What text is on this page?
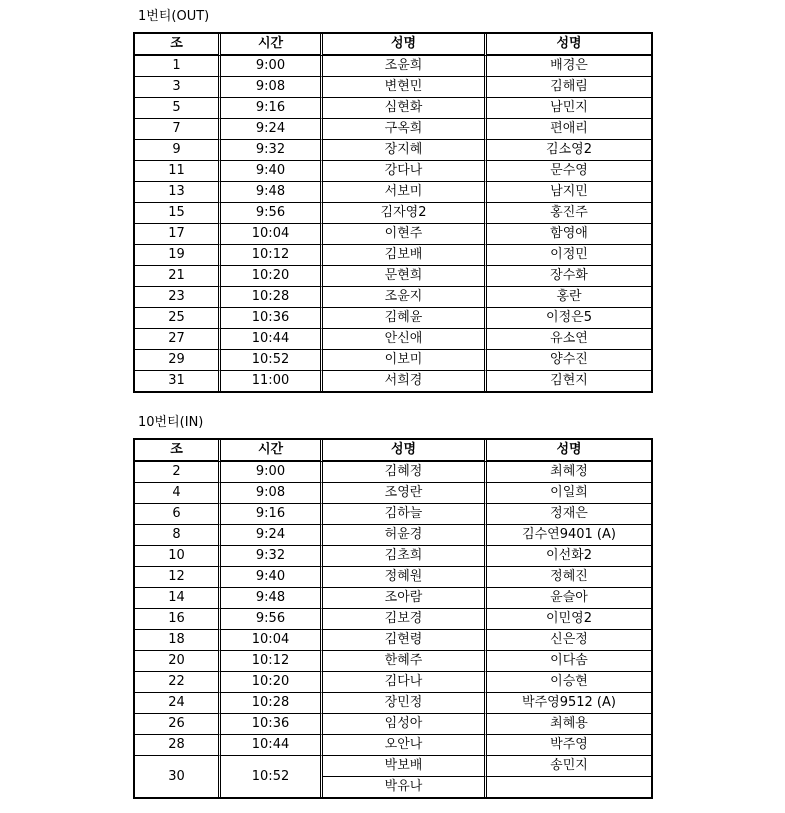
1번티(OUT)
조	시간	성명	성명
1	9:00	조윤희	배경은
3	9:08	변현민	김해림
5	9:16	심현화	남민지
7	9:24	구옥희	편애리
9	9:32	장지혜	김소영2
11	9:40	강다나	문수영
13	9:48	서보미	남지민
15	9:56	김자영2	홍진주
17	10:04	이현주	함영애
19	10:12	김보배	이정민
21	10:20	문현희	장수화
23	10:28	조윤지	홍란
25	10:36	김혜윤	이정은5
27	10:44	안신애	유소연
29	10:52	이보미	양수진
31	11:00	서희경	김현지
10번티(IN)
조	시간	성명	성명
2	9:00	김혜정	최혜정
4	9:08	조영란	이일희
6	9:16	김하늘	정재은
8	9:24	허윤경	김수연9401 (A)
10	9:32	김초희	이선화2
12	9:40	정혜원	정혜진
14	9:48	조아람	윤슬아
16	9:56	김보경	이민영2
18	10:04	김현령	신은정
20	10:12	한혜주	이다솜
22	10:20	김다나	이승현
24	10:28	장민정	박주영9512 (A)
26	10:36	임성아	최혜용
28	10:44	오안나	박주영
30	10:52	박보배	송민지
		박유나	
